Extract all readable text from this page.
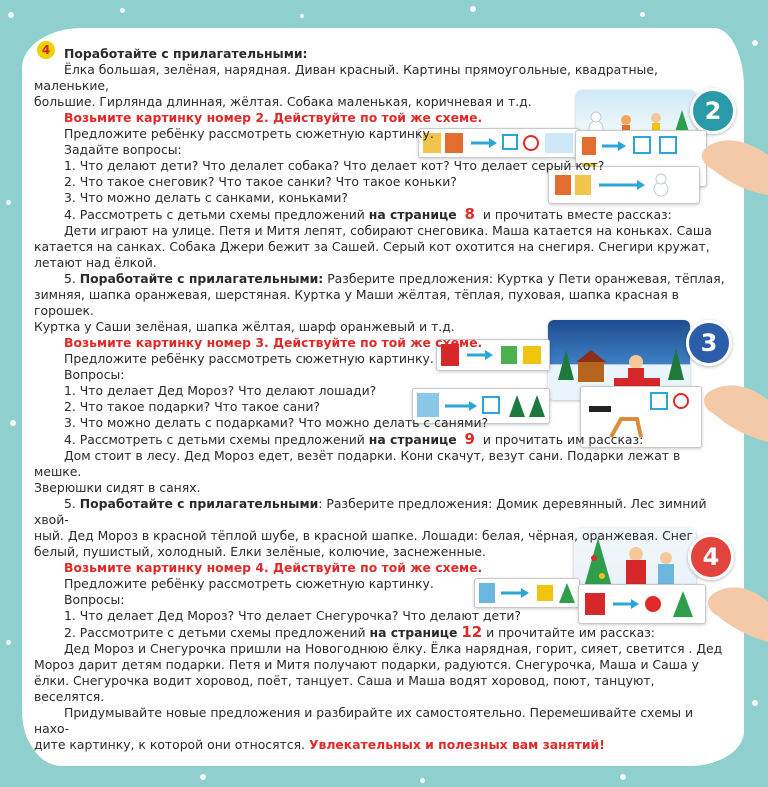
4
2
3
4

Поработайте с прилагательными:

Ёлка большая, зелёная, нарядная. Диван красный. Картины прямоугольные, квадратные, маленькие,

большие. Гирлянда длинная, жёлтая. Собака маленькая, коричневая и т.д.

Возьмите картинку номер 2. Действуйте по той же схеме.

Предложите ребёнку рассмотреть сюжетную картинку.

Задайте вопросы:

1. Что делают дети? Что делалет собака? Что делает кот? Что делает серый кот?

2. Что такое снеговик? Что такое санки? Что такое коньки?

3. Что можно делать с санками, коньками?

4. Рассмотреть с детьми схемы предложений на странице 8 и прочитать вместе рассказ:

Дети играют на улице. Петя и Митя лепят, собирают снеговика. Маша катается на коньках. Саша

катается на санках. Собака Джери бежит за Сашей. Серый кот охотится на снегиря. Снегири кружат,

летают над ёлкой.

5. Поработайте с прилагательными: Разберите предложения: Куртка у Пети оранжевая, тёплая,

зимняя, шапка оранжевая, шерстяная. Куртка у Маши жёлтая, тёплая, пуховая, шапка красная в горошек.

Куртка у Саши зелёная, шапка жёлтая, шарф оранжевый и т.д.

Возьмите картинку номер 3. Действуйте по той же схеме.

Предложите ребёнку рассмотреть сюжетную картинку.

Вопросы:

1. Что делает Дед Мороз? Что делают лошади?

2. Что такое подарки? Что такое сани?

3. Что можно делать с подарками? Что можно делать с санями?

4. Рассмотреть с детьми схемы предложений на странице 9 и прочитать им рассказ:

Дом стоит в лесу. Дед Мороз едет, везёт подарки. Кони скачут, везут сани. Подарки лежат в мешке.

Зверюшки сидят в санях.

5. Поработайте с прилагательными: Разберите предложения: Домик деревянный. Лес зимний хвой-

ный. Дед Мороз в красной тёплой шубе, в красной шапке. Лошади: белая, чёрная, оранжевая. Снег

белый, пушистый, холодный. Елки зелёные, колючие, заснеженные.

Возьмите картинку номер 4. Действуйте по той же схеме.

Предложите ребёнку рассмотреть сюжетную картинку.

Вопросы:

1. Что делает Дед Мороз? Что делает Снегурочка? Что делают дети?

2. Рассмотрите с детьми схемы предложений на странице 12 и прочитайте им рассказ:

Дед Мороз и Снегурочка пришли на Новогоднюю ёлку. Ёлка нарядная, горит, сияет, светится . Дед

Мороз дарит детям подарки. Петя и Митя получают подарки, радуются. Снегурочка, Маша и Саша у

ёлки. Снегурочка водит хоровод, поёт, танцует. Саша и Маша водят хоровод, поют, танцуют, веселятся.

Придумывайте новые предложения и разбирайте их самостоятельно. Перемешивайте схемы и нахо-

дите картинку, к которой они относятся. Увлекательных и полезных вам занятий!
